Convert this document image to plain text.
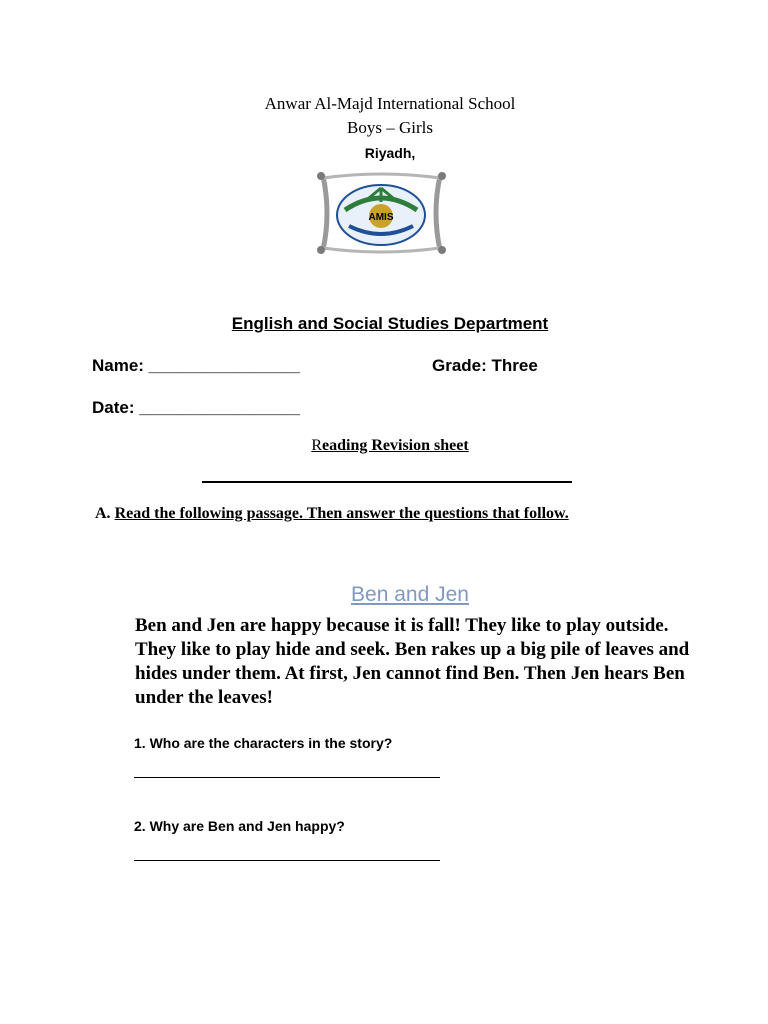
Anwar Al-Majd International School
Boys – Girls
Riyadh,
AMIS
English and Social Studies Department
Name: ________________	Grade: Three
Date: _________________
Reading Revision sheet
A. Read the following passage. Then answer the questions that follow.
Ben and Jen
Ben and Jen are happy because it is fall! They like to play outside. They like to play hide and seek. Ben rakes up a big pile of leaves and hides under them. At first, Jen cannot find Ben. Then Jen hears Ben under the leaves!
1. Who are the characters in the story?
2. Why are Ben and Jen happy?
